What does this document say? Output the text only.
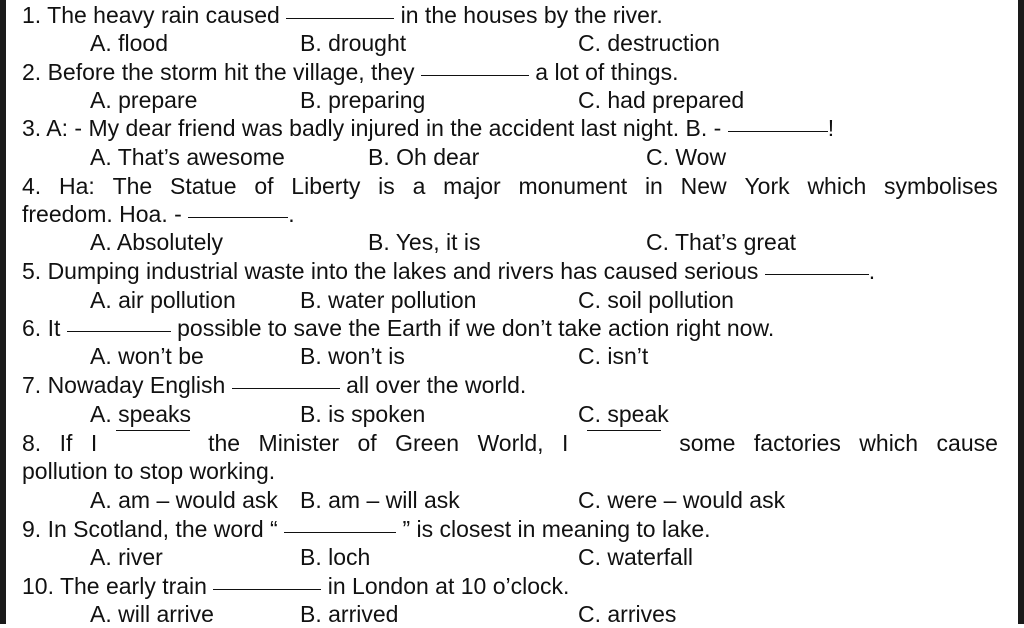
1. The heavy rain caused	in the houses by the river.
A. flood	B. drought	C. destruction
2. Before the storm hit the village, they	a lot of things.
A. prepare	B. preparing	C. had prepared
3. A: - My dear friend was badly injured in the accident last night. B. -	!
A. That’s awesome	B. Oh dear	C. Wow
4. Ha: The Statue of Liberty is a major monument in New York which symbolises
freedom. Hoa. -	.
A. Absolutely	B. Yes, it is	C. That’s great
5. Dumping industrial waste into the lakes and rivers has caused serious	.
A. air pollution	B. water pollution	C. soil pollution
6. It	possible to save the Earth if we don’t take action right now.
A. won’t be	B. won’t is	C. isn’t
7. Nowaday English	all over the world.
A. speaks	B. is spoken	C. speak
8. If I	the Minister of Green World, I	some factories which cause
pollution to stop working.
A. am – would ask B. am – will ask	C. were – would ask
9. In Scotland, the word “	” is closest in meaning to lake.
A. river	B. loch	C. waterfall
10. The early train	in London at 10 o’clock.
A. will arrive	B. arrived	C. arrives
